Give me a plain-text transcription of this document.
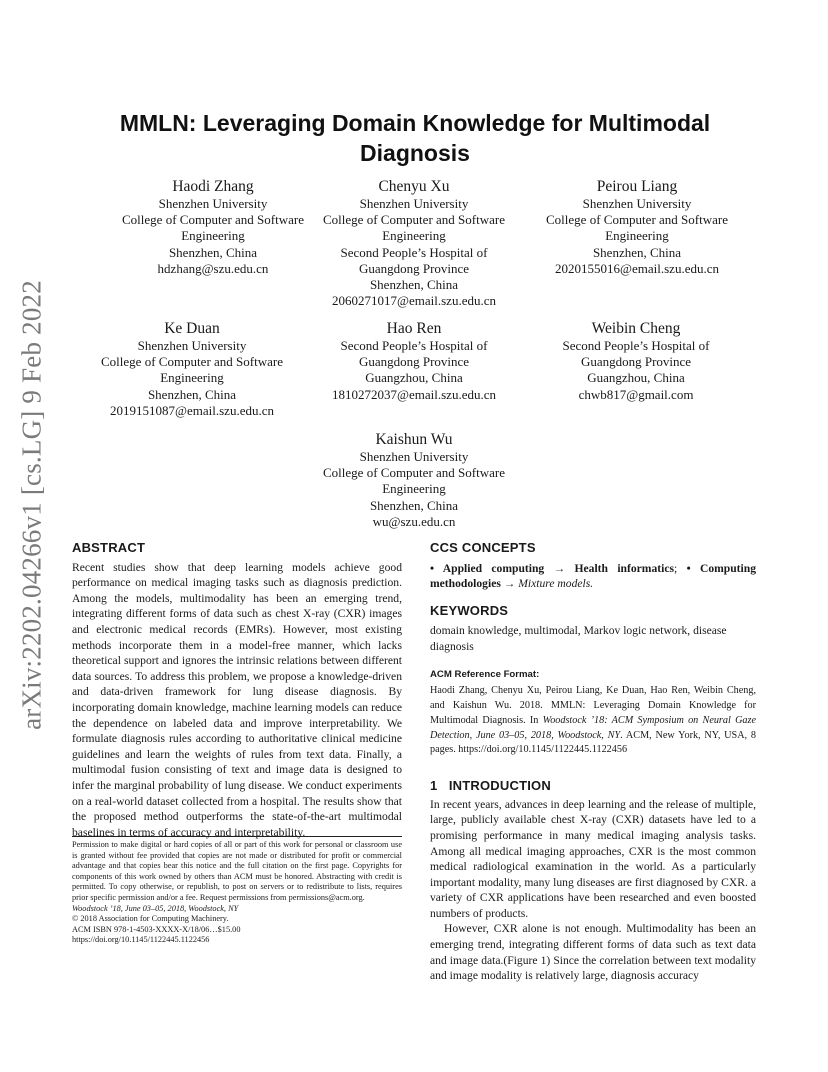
arXiv:2202.04266v1 [cs.LG] 9 Feb 2022
MMLN: Leveraging Domain Knowledge for Multimodal
Diagnosis
Haodi Zhang
Shenzhen University
College of Computer and Software
Engineering
Shenzhen, China
hdzhang@szu.edu.cn
Chenyu Xu
Shenzhen University
College of Computer and Software
Engineering
Second People’s Hospital of
Guangdong Province
Shenzhen, China
2060271017@email.szu.edu.cn
Peirou Liang
Shenzhen University
College of Computer and Software
Engineering
Shenzhen, China
2020155016@email.szu.edu.cn
Ke Duan
Shenzhen University
College of Computer and Software
Engineering
Shenzhen, China
2019151087@email.szu.edu.cn
Hao Ren
Second People’s Hospital of
Guangdong Province
Guangzhou, China
1810272037@email.szu.edu.cn
Weibin Cheng
Second People’s Hospital of
Guangdong Province
Guangzhou, China
chwb817@gmail.com
Kaishun Wu
Shenzhen University
College of Computer and Software
Engineering
Shenzhen, China
wu@szu.edu.cn
ABSTRACT

Recent studies show that deep learning models achieve good performance on medical imaging tasks such as diagnosis prediction. Among the models, multimodality has been an emerging trend, integrating different forms of data such as chest X-ray (CXR) images and electronic medical records (EMRs). However, most existing methods incorporate them in a model-free manner, which lacks theoretical support and ignores the intrinsic relations between different data sources. To address this problem, we propose a knowledge-driven and data-driven framework for lung disease diagnosis. By incorporating domain knowledge, machine learning models can reduce the dependence on labeled data and improve interpretability. We formulate diagnosis rules according to authoritative clinical medicine guidelines and learn the weights of rules from text data. Finally, a multimodal fusion consisting of text and image data is designed to infer the marginal probability of lung disease. We conduct experiments on a real-world dataset collected from a hospital. The results show that the proposed method outperforms the state-of-the-art multimodal baselines in terms of accuracy and interpretability.

Permission to make digital or hard copies of all or part of this work for personal or classroom use is granted without fee provided that copies are not made or distributed for profit or commercial advantage and that copies bear this notice and the full citation on the first page. Copyrights for components of this work owned by others than ACM must be honored. Abstracting with credit is permitted. To copy otherwise, or republish, to post on servers or to redistribute to lists, requires prior specific permission and/or a fee. Request permissions from permissions@acm.org.

Woodstock ’18, June 03–05, 2018, Woodstock, NY

© 2018 Association for Computing Machinery.

ACM ISBN 978-1-4503-XXXX-X/18/06…$15.00

https://doi.org/10.1145/1122445.1122456

CCS CONCEPTS

• Applied computing → Health informatics; • Computing methodologies → Mixture models.

KEYWORDS

domain knowledge, multimodal, Markov logic network, disease diagnosis

ACM Reference Format:

Haodi Zhang, Chenyu Xu, Peirou Liang, Ke Duan, Hao Ren, Weibin Cheng, and Kaishun Wu. 2018. MMLN: Leveraging Domain Knowledge for Multimodal Diagnosis. In Woodstock ’18: ACM Symposium on Neural Gaze Detection, June 03–05, 2018, Woodstock, NY. ACM, New York, NY, USA, 8 pages. https://doi.org/10.1145/1122445.1122456

1   INTRODUCTION

In recent years, advances in deep learning and the release of multiple, large, publicly available chest X-ray (CXR) datasets have led to a promising performance in many medical imaging analysis tasks. Among all medical imaging approaches, CXR is the most common medical radiological examination in the world. As a particularly important modality, many lung diseases are first diagnosed by CXR. a variety of CXR applications have been researched and even boosted numbers of products.

However, CXR alone is not enough. Multimodality has been an emerging trend, integrating different forms of data such as text data and image data.(Figure 1) Since the correlation between text modality and image modality is relatively large, diagnosis accuracy
